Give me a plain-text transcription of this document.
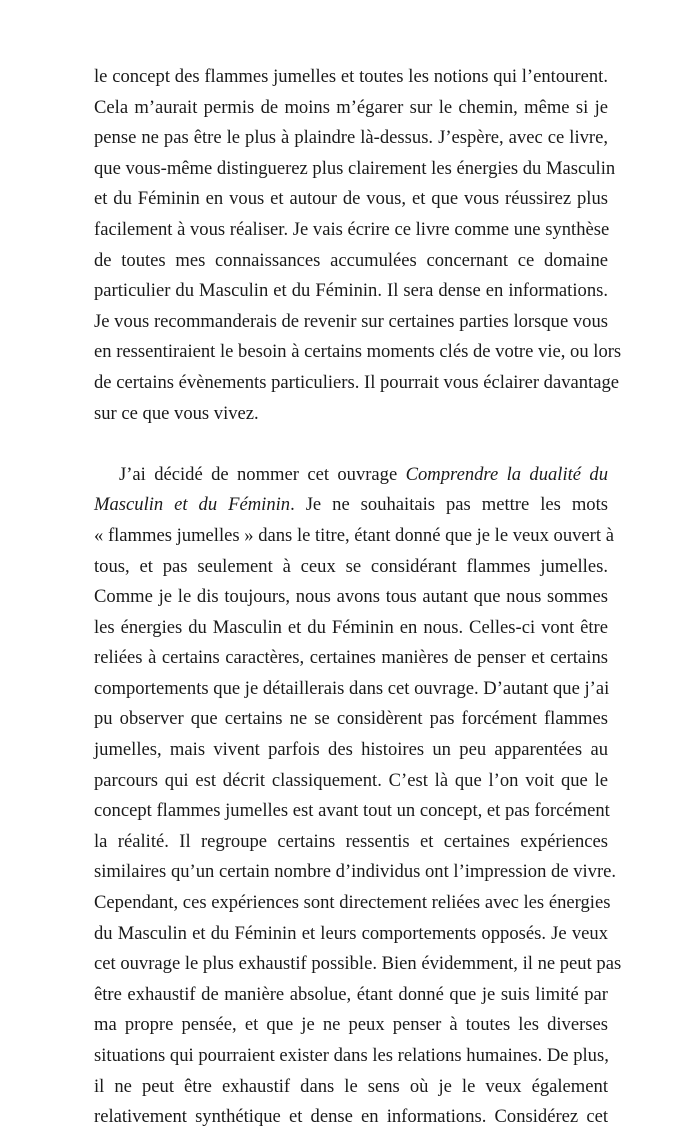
le concept des flammes jumelles et toutes les notions qui l’entourent.
Cela m’aurait permis de moins m’égarer sur le chemin, même si je
pense ne pas être le plus à plaindre là-dessus. J’espère, avec ce livre,
que vous-même distinguerez plus clairement les énergies du Masculin
et du Féminin en vous et autour de vous, et que vous réussirez plus
facilement à vous réaliser. Je vais écrire ce livre comme une synthèse
de toutes mes connaissances accumulées concernant ce domaine
particulier du Masculin et du Féminin. Il sera dense en informations.
Je vous recommanderais de revenir sur certaines parties lorsque vous
en ressentiraient le besoin à certains moments clés de votre vie, ou lors
de certains évènements particuliers. Il pourrait vous éclairer davantage
sur ce que vous vivez.
J’ai décidé de nommer cet ouvrage Comprendre la dualité du
Masculin et du Féminin. Je ne souhaitais pas mettre les mots
« flammes jumelles » dans le titre, étant donné que je le veux ouvert à
tous, et pas seulement à ceux se considérant flammes jumelles.
Comme je le dis toujours, nous avons tous autant que nous sommes
les énergies du Masculin et du Féminin en nous. Celles-ci vont être
reliées à certains caractères, certaines manières de penser et certains
comportements que je détaillerais dans cet ouvrage. D’autant que j’ai
pu observer que certains ne se considèrent pas forcément flammes
jumelles, mais vivent parfois des histoires un peu apparentées au
parcours qui est décrit classiquement. C’est là que l’on voit que le
concept flammes jumelles est avant tout un concept, et pas forcément
la réalité. Il regroupe certains ressentis et certaines expériences
similaires qu’un certain nombre d’individus ont l’impression de vivre.
Cependant, ces expériences sont directement reliées avec les énergies
du Masculin et du Féminin et leurs comportements opposés. Je veux
cet ouvrage le plus exhaustif possible. Bien évidemment, il ne peut pas
être exhaustif de manière absolue, étant donné que je suis limité par
ma propre pensée, et que je ne peux penser à toutes les diverses
situations qui pourraient exister dans les relations humaines. De plus,
il ne peut être exhaustif dans le sens où je le veux également
relativement synthétique et dense en informations. Considérez cet
